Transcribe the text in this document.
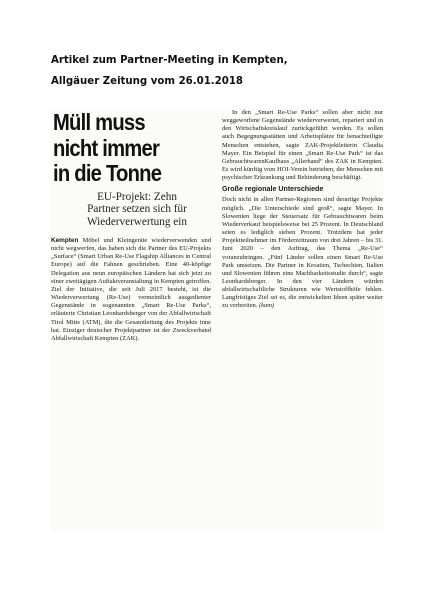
Artikel zum Partner-Meeting in Kempten,
Allgäuer Zeitung vom 26.01.2018
Müll muss
nicht immer
in die Tonne
EU-Projekt: Zehn
Partner setzen sich für
Wiederverwertung ein

Kempten Möbel und Kleingeräte wiederverwenden und nicht wegwerfen, das haben sich die Partner des EU-Projekts „Surface“ (Smart Urban Re-Use Flagship Alliances in Central Europe) auf die Fahnen geschrieben. Eine 40-köpfige Delegation aus neun europäischen Ländern hat sich jetzt zu einer zweitägigen Auftaktveranstaltung in Kempten getroffen. Ziel der Initiative, die seit Juli 2017 besteht, ist die Wiederverwertung (Re-Use) vermeintlich ausgedienter Gegenstände in sogenannten „Smart Re-Use Parks“, erläuterte Christian Leonhardsberger von der Abfallwirtschaft Tirol Mitte (ATM), die die Gesamtleitung des Projekts inne hat. Einziger deutscher Projektpartner ist der Zweckverband Abfallwirtschaft Kempten (ZAK).

In den „Smart Re-Use Parks“ sollen aber nicht nur weggeworfene Gegenstände wiederverwertet, repariert und in den Wirtschaftskreislauf zurückgeführt werden. Es sollen auch Begegnungsstätten und Arbeitsplätze für benachteiligte Menschen entstehen, sagte ZAK-Projektleiterin Claudia Mayer. Ein Beispiel für einen „Smart Re-Use Park“ ist das GebrauchtwarenKaufhaus „Allerhand“ des ZAK in Kempten. Es wird künftig vom HOI-Verein betrieben, der Menschen mit psychischer Erkrankung und Behinderung beschäftigt.

Große regionale Unterschiede

Doch nicht in allen Partner-Regionen sind derartige Projekte möglich. „Die Unterschiede sind groß“, sagte Mayer. In Slowenien liege der Steuersatz für Gebrauchtwaren beim Wiederverkauf beispielsweise bei 25 Prozent. In Deutschland seien es lediglich sieben Prozent. Trotzdem hat jeder Projektteilnehmer im Förderzeitraum von drei Jahren – bis 31. Juni 2020 – den Auftrag, das Thema „Re-Use“ voranzubringen. „Fünf Länder sollen einen Smart Re-Use Park umsetzen. Die Partner in Kroatien, Tschechien, Italien und Slowenien führen eine Machbarkeitsstudie durch“, sagte Leonhardsberger. In den vier Ländern würden abfallwirtschaftliche Strukturen wie Wertstoffhöfe fehlen. Langfristiges Ziel sei es, die entwickelten Ideen später weiter zu verbreiten. (kam)
